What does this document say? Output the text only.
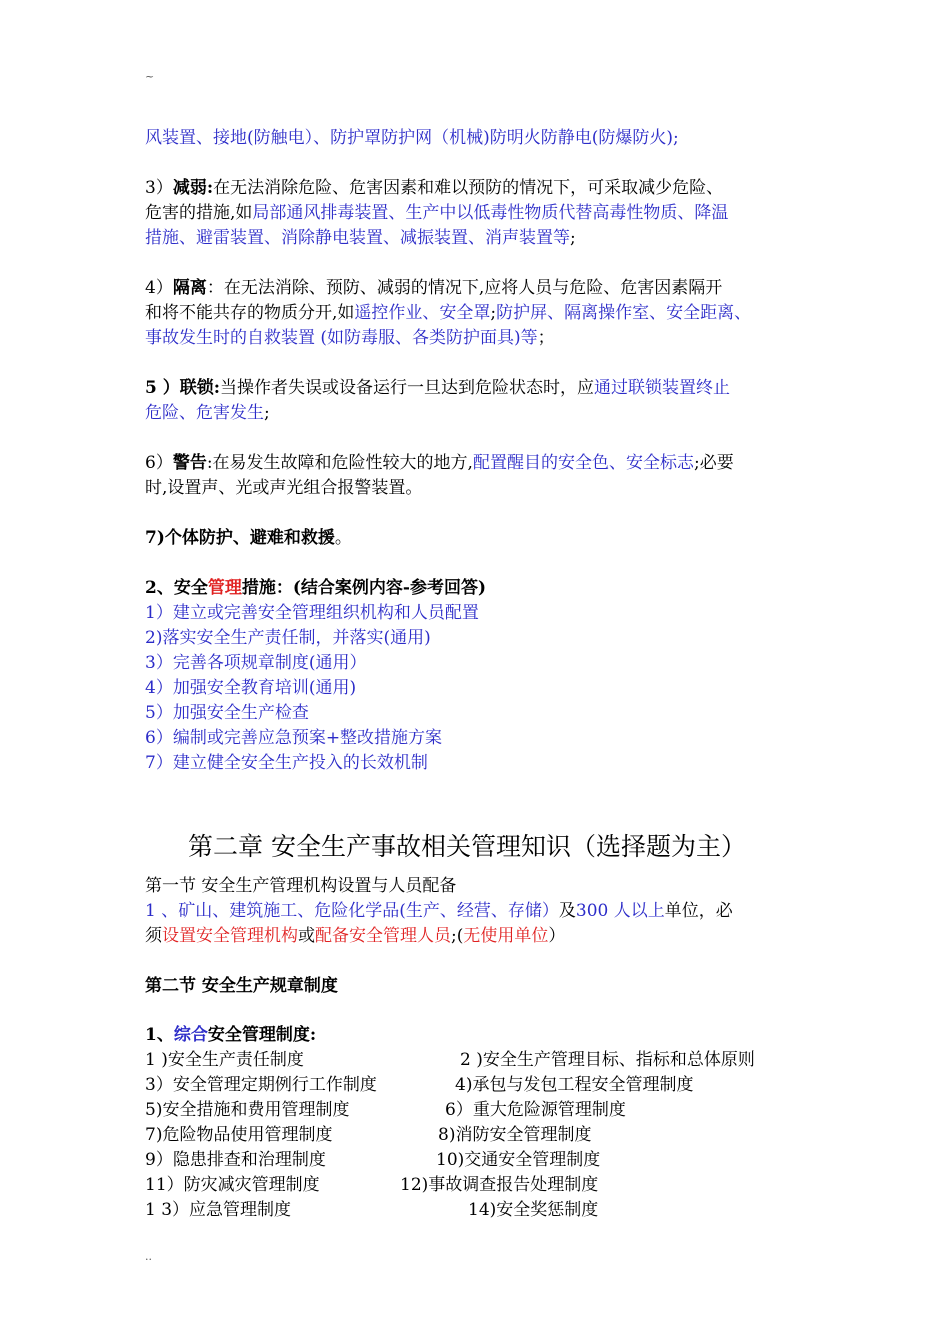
~
风装置、接地(防触电）、防护罩防护网（机械)防明火防静电(防爆防火);
3）减弱:在无法消除危险、危害因素和难以预防的情况下，可采取减少危险、
危害的措施,如局部通风排毒装置、生产中以低毒性物质代替高毒性物质、降温
措施、避雷装置、消除静电装置、减振装置、消声装置等;
4）隔离：在无法消除、预防、减弱的情况下,应将人员与危险、危害因素隔开
和将不能共存的物质分开,如遥控作业、安全罩;防护屏、隔离操作室、安全距离、
事故发生时的自救装置 (如防毒服、各类防护面具)等；
5 ）联锁:当操作者失误或设备运行一旦达到危险状态时，应通过联锁装置终止
危险、危害发生;
6）警告:在易发生故障和危险性较大的地方,配置醒目的安全色、安全标志;必要
时,设置声、光或声光组合报警装置。
7)个体防护、避难和救援。
2、安全管理措施：(结合案例内容-参考回答)
1）建立或完善安全管理组织机构和人员配置
2)落实安全生产责任制，并落实(通用)
3）完善各项规章制度(通用）
4）加强安全教育培训(通用)
5）加强安全生产检查
6）编制或完善应急预案+整改措施方案
7）建立健全安全生产投入的长效机制
第二章 安全生产事故相关管理知识（选择题为主）
第一节 安全生产管理机构设置与人员配备
1 、矿山、建筑施工、危险化学品(生产、经营、存储）及300 人以上单位，必
须设置安全管理机构或配备安全管理人员;(无使用单位）
第二节 安全生产规章制度
1、综合安全管理制度:
1 )安全生产责任制度	2 )安全生产管理目标、指标和总体原则
3）安全管理定期例行工作制度	4)承包与发包工程安全管理制度
5)安全措施和费用管理制度	6）重大危险源管理制度
7)危险物品使用管理制度	8)消防安全管理制度
9）隐患排查和治理制度	10)交通安全管理制度
11）防灾减灾管理制度	12)事故调查报告处理制度
1 3）应急管理制度	14)安全奖惩制度
..
